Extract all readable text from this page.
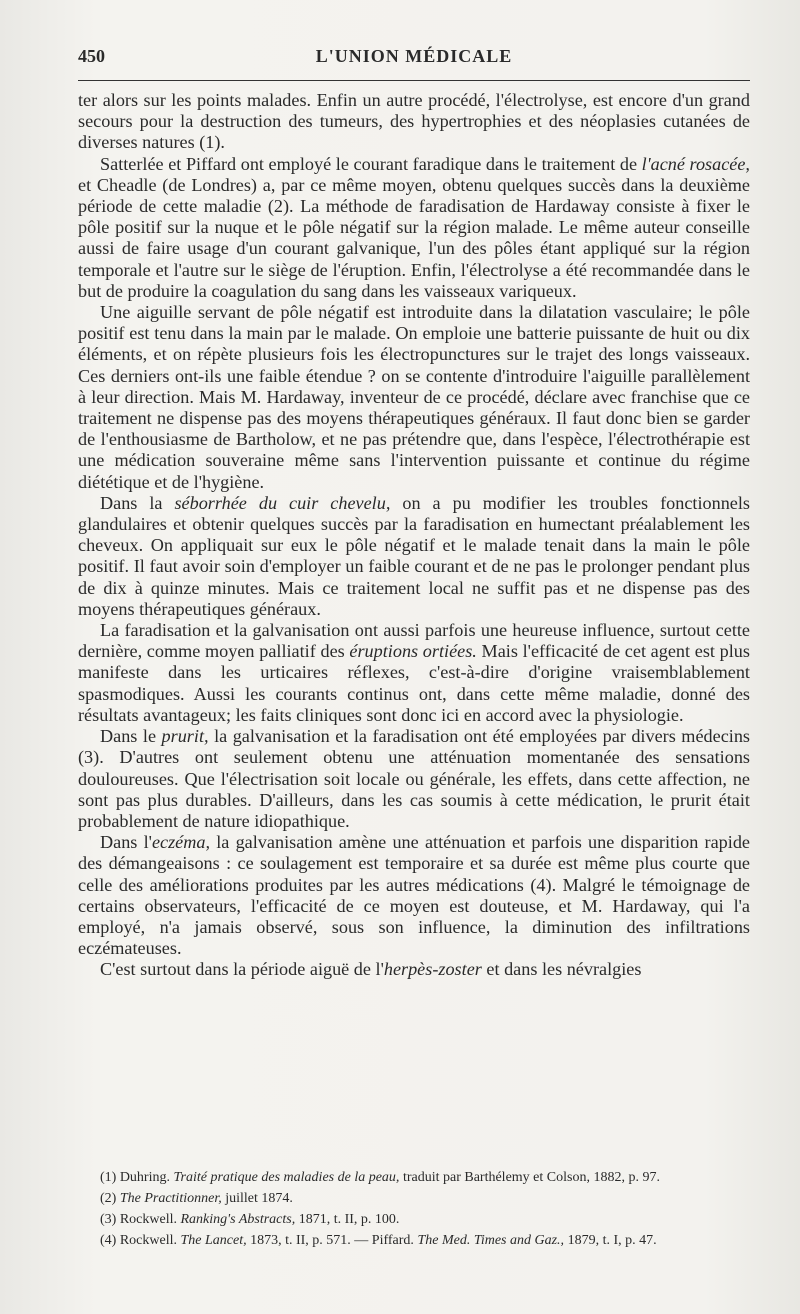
450	L'UNION MÉDICALE

ter alors sur les points malades. Enfin un autre procédé, l'électrolyse, est encore d'un grand secours pour la destruction des tumeurs, des hypertrophies et des néoplasies cutanées de diverses natures (1).

Satterlée et Piffard ont employé le courant faradique dans le traitement de l'acné rosacée, et Cheadle (de Londres) a, par ce même moyen, obtenu quelques succès dans la deuxième période de cette maladie (2). La méthode de faradisation de Hardaway consiste à fixer le pôle positif sur la nuque et le pôle négatif sur la région malade. Le même auteur conseille aussi de faire usage d'un courant galvanique, l'un des pôles étant appliqué sur la région temporale et l'autre sur le siège de l'éruption. Enfin, l'électrolyse a été recommandée dans le but de produire la coagulation du sang dans les vaisseaux variqueux.

Une aiguille servant de pôle négatif est introduite dans la dilatation vasculaire; le pôle positif est tenu dans la main par le malade. On emploie une batterie puissante de huit ou dix éléments, et on répète plusieurs fois les électropunctures sur le trajet des longs vaisseaux. Ces derniers ont-ils une faible étendue ? on se contente d'introduire l'aiguille parallèlement à leur direction. Mais M. Hardaway, inventeur de ce procédé, déclare avec franchise que ce traitement ne dispense pas des moyens thérapeutiques généraux. Il faut donc bien se garder de l'enthousiasme de Bartholow, et ne pas prétendre que, dans l'espèce, l'électrothérapie est une médication souveraine même sans l'intervention puissante et continue du régime diététique et de l'hygiène.

Dans la séborrhée du cuir chevelu, on a pu modifier les troubles fonctionnels glandulaires et obtenir quelques succès par la faradisation en humectant préalablement les cheveux. On appliquait sur eux le pôle négatif et le malade tenait dans la main le pôle positif. Il faut avoir soin d'employer un faible courant et de ne pas le prolonger pendant plus de dix à quinze minutes. Mais ce traitement local ne suffit pas et ne dispense pas des moyens thérapeutiques généraux.

La faradisation et la galvanisation ont aussi parfois une heureuse influence, surtout cette dernière, comme moyen palliatif des éruptions ortiées. Mais l'efficacité de cet agent est plus manifeste dans les urticaires réflexes, c'est-à-dire d'origine vraisemblablement spasmodiques. Aussi les courants continus ont, dans cette même maladie, donné des résultats avantageux; les faits cliniques sont donc ici en accord avec la physiologie.

Dans le prurit, la galvanisation et la faradisation ont été employées par divers médecins (3). D'autres ont seulement obtenu une atténuation momentanée des sensations douloureuses. Que l'électrisation soit locale ou générale, les effets, dans cette affection, ne sont pas plus durables. D'ailleurs, dans les cas soumis à cette médication, le prurit était probablement de nature idiopathique.

Dans l'eczéma, la galvanisation amène une atténuation et parfois une disparition rapide des démangeaisons : ce soulagement est temporaire et sa durée est même plus courte que celle des améliorations produites par les autres médications (4). Malgré le témoignage de certains observateurs, l'efficacité de ce moyen est douteuse, et M. Hardaway, qui l'a employé, n'a jamais observé, sous son influence, la diminution des infiltrations eczémateuses.

C'est surtout dans la période aiguë de l'herpès-zoster et dans les névralgies

(1) Duhring. Traité pratique des maladies de la peau, traduit par Barthélemy et Colson, 1882, p. 97.

(2) The Practitionner, juillet 1874.

(3) Rockwell. Ranking's Abstracts, 1871, t. II, p. 100.

(4) Rockwell. The Lancet, 1873, t. II, p. 571. — Piffard. The Med. Times and Gaz., 1879, t. I, p. 47.
